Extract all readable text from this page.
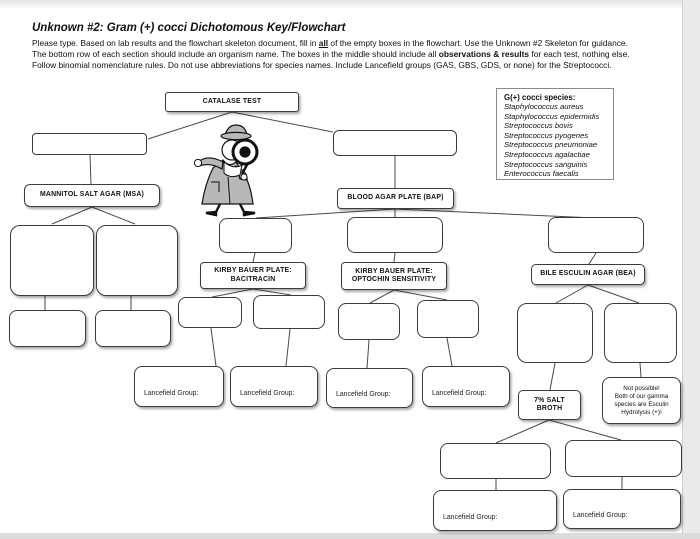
Unknown #2: Gram (+) cocci Dichotomous Key/Flowchart
Please type. Based on lab results and the flowchart skeleton document, fill in all of the empty boxes in the flowchart. Use the Unknown #2 Skeleton for guidance.
The bottom row of each section should include an organism name. The boxes in the middle should include all observations & results for each test, nothing else.
Follow binomial nomenclature rules. Do not use abbreviations for species names. Include Lancefield groups (GAS, GBS, GDS, or none) for the Streptococci.
G(+) cocci species:
Staphylococcus aureus
Staphylococcus epidermidis
Streptococcus bovis
Streptococcus pyogenes
Streptococcus pneumoniae
Streptococcus agalactiae
Streptococcus sanguinis
Enterococcus faecalis
CATALASE TEST
MANNITOL SALT AGAR (MSA)	BLOOD AGAR PLATE (BAP)
KIRBY BAUER PLATE:
BACITRACIN
KIRBY BAUER PLATE:
OPTOCHIN SENSITIVITY
BILE ESCULIN AGAR (BEA)
7% SALT
BROTH
Not possible!
Both of our gamma
species are Esculin
Hydrolysis (+)!
Lancefield Group:	Lancefield Group:	Lancefield Group:	Lancefield Group:
Lancefield Group:	Lancefield Group:
